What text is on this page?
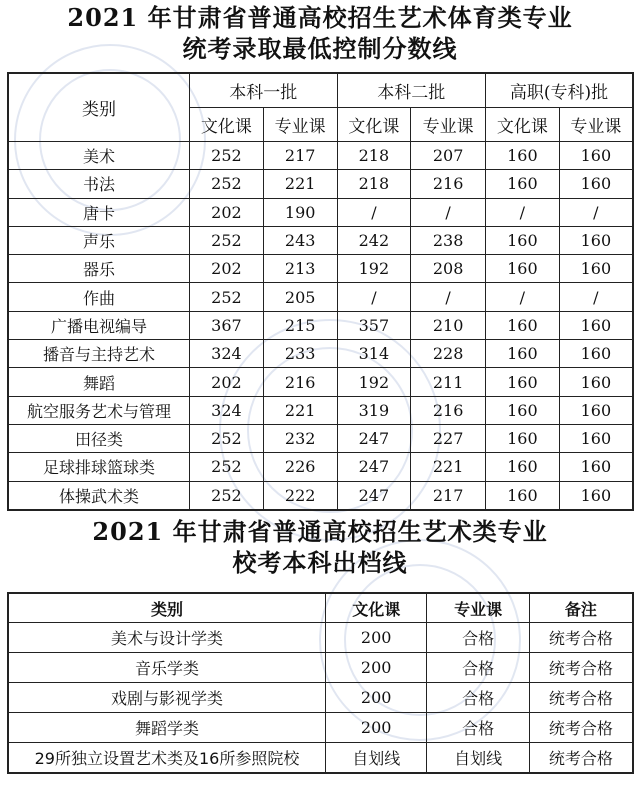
2021 年甘肃省普通高校招生艺术体育类专业
统考录取最低控制分数线
类别	本科一批		本科二批		高职(专科)批	
	文化课	专业课	文化课	专业课	文化课	专业课
美术	252	217	218	207	160	160
书法	252	221	218	216	160	160
唐卡	202	190	/	/	/	/
声乐	252	243	242	238	160	160
器乐	202	213	192	208	160	160
作曲	252	205	/	/	/	/
广播电视编导	367	215	357	210	160	160
播音与主持艺术	324	233	314	228	160	160
舞蹈	202	216	192	211	160	160
航空服务艺术与管理	324	221	319	216	160	160
田径类	252	232	247	227	160	160
足球排球篮球类	252	226	247	221	160	160
体操武术类	252	222	247	217	160	160
2021 年甘肃省普通高校招生艺术类专业
校考本科出档线
类别	文化课	专业课	备注
美术与设计学类	200	合格	统考合格
音乐学类	200	合格	统考合格
戏剧与影视学类	200	合格	统考合格
舞蹈学类	200	合格	统考合格
29所独立设置艺术类及16所参照院校	自划线	自划线	统考合格
